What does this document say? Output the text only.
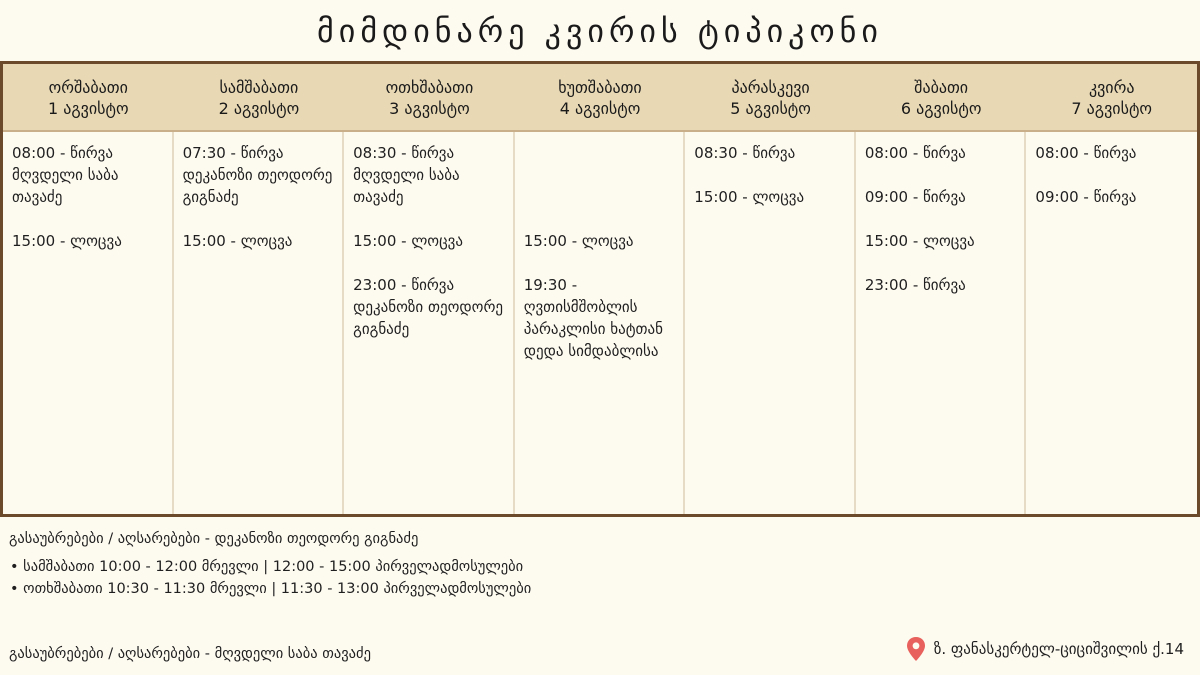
მიმდინარე კვირის ტიპიკონი
ორშაბათი
1 აგვისტო
სამშაბათი
2 აგვისტო
ოთხშაბათი
3 აგვისტო
ხუთშაბათი
4 აგვისტო
პარასკევი
5 აგვისტო
შაბათი
6 აგვისტო
კვირა
7 აგვისტო
08:00 - წირვა მღვდელი საბა თავაძე
15:00 - ლოცვა
07:30 - წირვა დეკანოზი თეოდორე გიგნაძე
15:00 - ლოცვა
08:30 - წირვა მღვდელი საბა თავაძე
15:00 - ლოცვა
23:00 - წირვა დეკანოზი თეოდორე გიგნაძე
15:00 - ლოცვა
19:30 - ღვთისმშობლის პარაკლისი ხატთან დედა სიმდაბლისა
08:30 - წირვა
15:00 - ლოცვა
08:00 - წირვა
09:00 - წირვა
15:00 - ლოცვა
23:00 - წირვა
08:00 - წირვა
09:00 - წირვა
გასაუბრებები / აღსარებები - დეკანოზი თეოდორე გიგნაძე
• სამშაბათი 10:00 - 12:00 მრევლი | 12:00 - 15:00 პირველადმოსულები
• ოთხშაბათი 10:30 - 11:30 მრევლი | 11:30 - 13:00 პირველადმოსულები
გასაუბრებები / აღსარებები - მღვდელი საბა თავაძე	ზ. ფანასკერტელ-ციციშვილის ქ.14
